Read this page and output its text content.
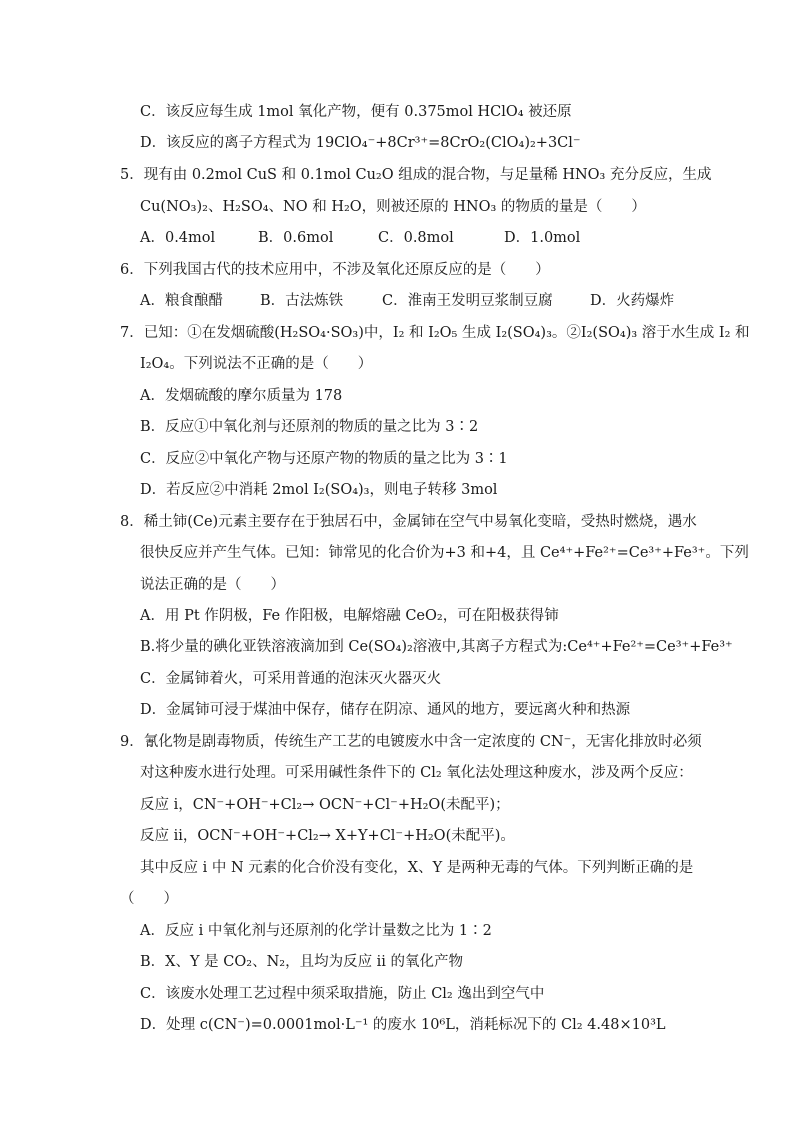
C．该反应每生成 1mol 氧化产物，便有 0.375mol HClO₄ 被还原
D．该反应的离子方程式为 19ClO₄⁻+8Cr³⁺=8CrO₂(ClO₄)₂+3Cl⁻
5．现有由 0.2mol CuS 和 0.1mol Cu₂O 组成的混合物，与足量稀 HNO₃ 充分反应，生成
Cu(NO₃)₂、H₂SO₄、NO 和 H₂O，则被还原的 HNO₃ 的物质的量是（　　）
A．0.4mol	B．0.6mol	C．0.8mol	D．1.0mol
6．下列我国古代的技术应用中，不涉及氧化还原反应的是（　　）
A．粮食酿醋	B．古法炼铁	C．淮南王发明豆浆制豆腐	D．火药爆炸
7．已知：①在发烟硫酸(H₂SO₄·SO₃)中，I₂ 和 I₂O₅ 生成 I₂(SO₄)₃。②I₂(SO₄)₃ 溶于水生成 I₂ 和
I₂O₄。下列说法不正确的是（　　）
A．发烟硫酸的摩尔质量为 178
B．反应①中氧化剂与还原剂的物质的量之比为 3∶2
C．反应②中氧化产物与还原产物的物质的量之比为 3∶1
D．若反应②中消耗 2mol I₂(SO₄)₃，则电子转移 3mol
8．稀土铈(Ce)元素主要存在于独居石中，金属铈在空气中易氧化变暗，受热时燃烧，遇水
很快反应并产生气体。已知：铈常见的化合价为+3 和+4，且 Ce⁴⁺+Fe²⁺=Ce³⁺+Fe³⁺。下列
说法正确的是（　　）
A．用 Pt 作阴极，Fe 作阳极，电解熔融 CeO₂，可在阳极获得铈
B.将少量的碘化亚铁溶液滴加到 Ce(SO₄)₂溶液中,其离子方程式为:Ce⁴⁺+Fe²⁺=Ce³⁺+Fe³⁺
C．金属铈着火，可采用普通的泡沫灭火器灭火
D．金属铈可浸于煤油中保存，储存在阴凉、通风的地方，要远离火种和热源
9．氰化物是剧毒物质，传统生产工艺的电镀废水中含一定浓度的 CN⁻，无害化排放时必须
对这种废水进行处理。可采用碱性条件下的 Cl₂ 氧化法处理这种废水，涉及两个反应：
反应 i，CN⁻+OH⁻+Cl₂→ OCN⁻+Cl⁻+H₂O(未配平)；
反应 ii，OCN⁻+OH⁻+Cl₂→ X+Y+Cl⁻+H₂O(未配平)。
其中反应 i 中 N 元素的化合价没有变化，X、Y 是两种无毒的气体。下列判断正确的是
（　　）
A．反应 i 中氧化剂与还原剂的化学计量数之比为 1∶2
B．X、Y 是 CO₂、N₂，且均为反应 ii 的氧化产物
C．该废水处理工艺过程中须采取措施，防止 Cl₂ 逸出到空气中
D．处理 c(CN⁻)=0.0001mol·L⁻¹ 的废水 10⁶L，消耗标况下的 Cl₂ 4.48×10³L
